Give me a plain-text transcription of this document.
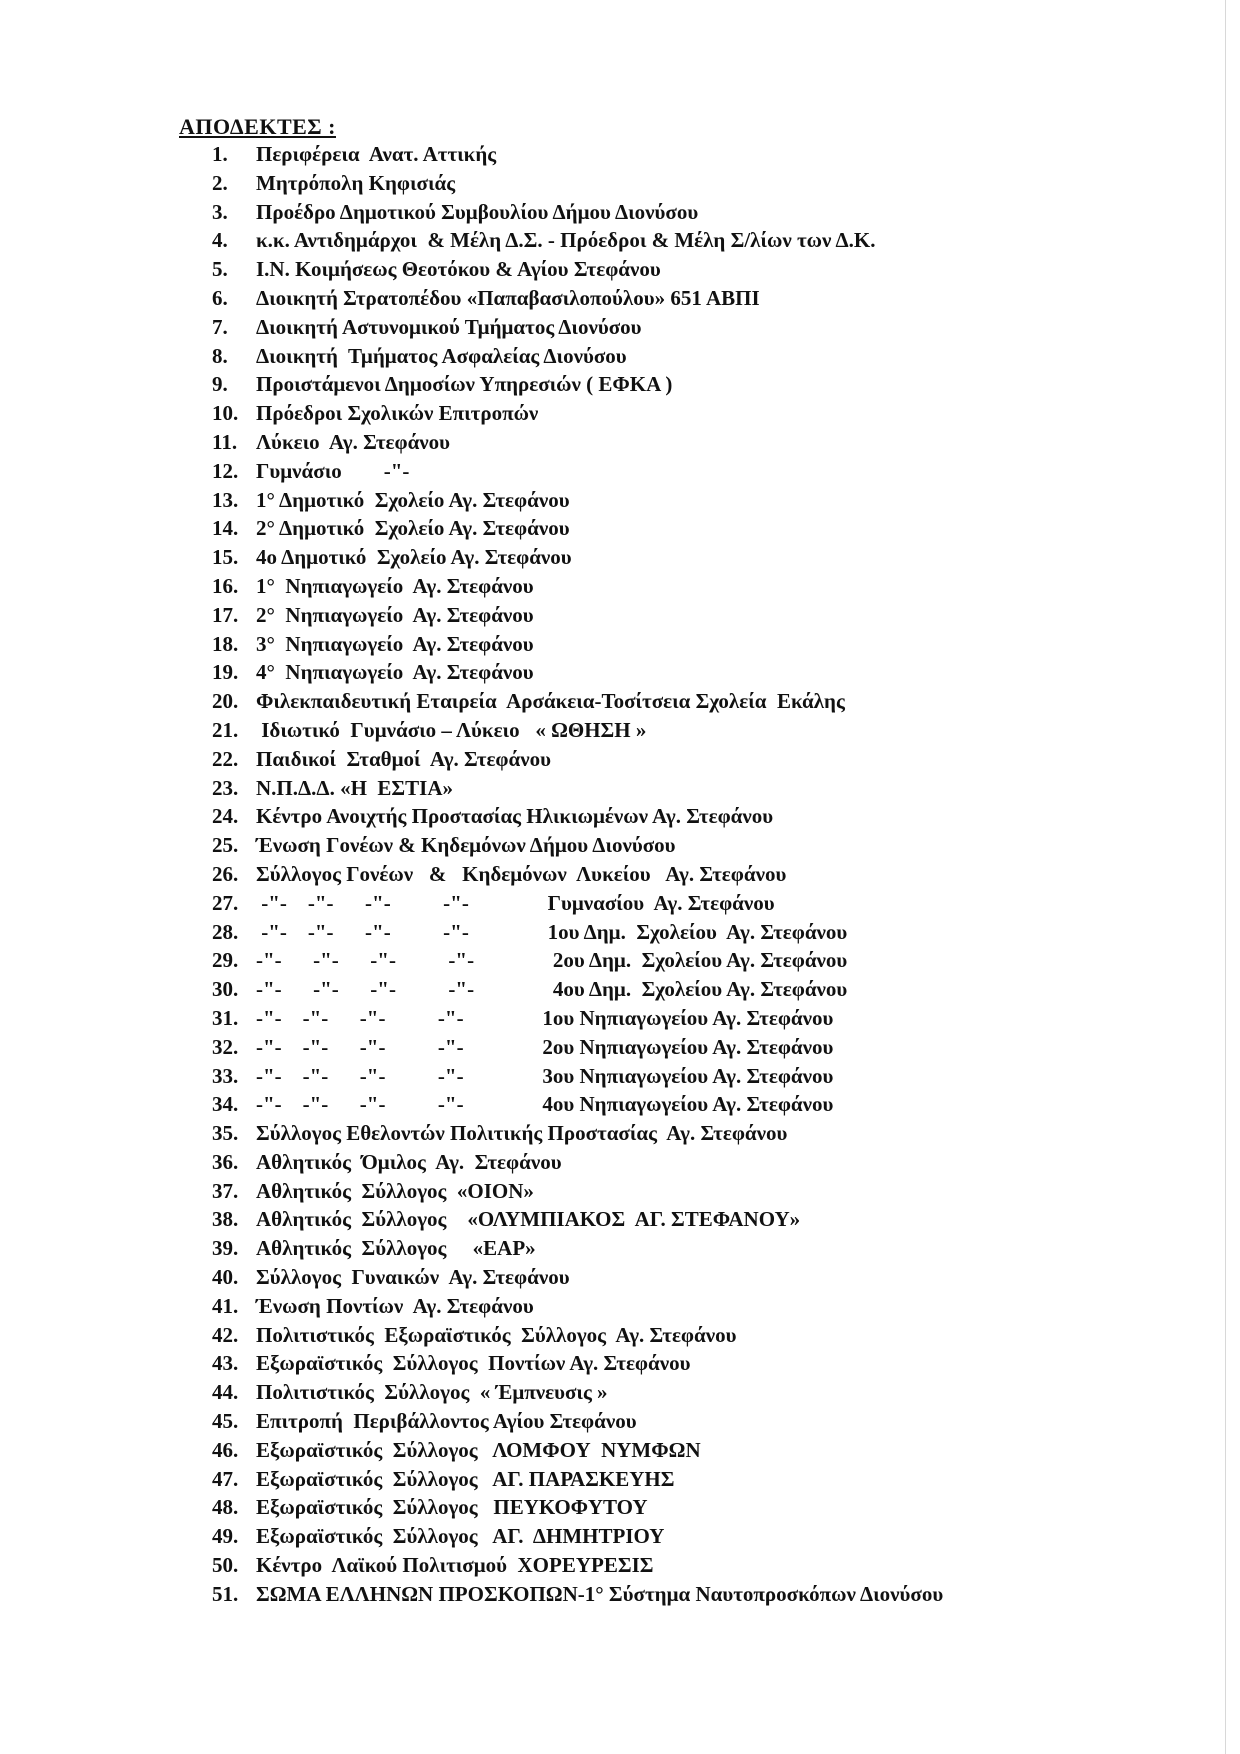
ΑΠΟΔΕΚΤΕΣ :
1. Περιφέρεια  Ανατ. Αττικής
2. Μητρόπολη Κηφισιάς
3. Προέδρο Δημοτικού Συμβουλίου Δήμου Διονύσου
4. κ.κ. Αντιδημάρχοι  & Μέλη Δ.Σ. - Πρόεδροι & Μέλη Σ/λίων των Δ.Κ.
5. Ι.Ν. Κοιμήσεως Θεοτόκου & Αγίου Στεφάνου
6. Διοικητή Στρατοπέδου «Παπαβασιλοπούλου» 651 ΑΒΠΙ
7. Διοικητή Αστυνομικού Τμήματος Διονύσου
8. Διοικητή  Τμήματος Ασφαλείας Διονύσου
9. Προιστάμενοι Δημοσίων Υπηρεσιών ( ΕΦΚΑ )
10. Πρόεδροι Σχολικών Επιτροπών
11. Λύκειο  Αγ. Στεφάνου
12. Γυμνάσιο        -"-
13. 1° Δημοτικό  Σχολείο Αγ. Στεφάνου
14. 2° Δημοτικό  Σχολείο Αγ. Στεφάνου
15. 4ο Δημοτικό  Σχολείο Αγ. Στεφάνου
16. 1°  Νηπιαγωγείο  Αγ. Στεφάνου
17. 2°  Νηπιαγωγείο  Αγ. Στεφάνου
18. 3°  Νηπιαγωγείο  Αγ. Στεφάνου
19. 4°  Νηπιαγωγείο  Αγ. Στεφάνου
20. Φιλεκπαιδευτική Εταιρεία  Αρσάκεια-Τοσίτσεια Σχολεία  Εκάλης
21. Ιδιωτικό  Γυμνάσιο – Λύκειο   « ΩΘΗΣΗ »
22. Παιδικοί  Σταθμοί  Αγ. Στεφάνου
23. Ν.Π.Δ.Δ. «Η  ΕΣΤΙΑ»
24. Κέντρο Ανοιχτής Προστασίας Ηλικιωμένων Αγ. Στεφάνου
25. Ένωση Γονέων & Κηδεμόνων Δήμου Διονύσου
26. Σύλλογος Γονέων   &   Κηδεμόνων  Λυκείου   Αγ. Στεφάνου
27. -"-    -"-      -"-          -"-               Γυμνασίου  Αγ. Στεφάνου
28. -"-    -"-      -"-          -"-               1ου Δημ.  Σχολείου  Αγ. Στεφάνου
29. -"-      -"-      -"-          -"-               2ου Δημ.  Σχολείου Αγ. Στεφάνου
30. -"-      -"-      -"-          -"-               4ου Δημ.  Σχολείου Αγ. Στεφάνου
31. -"-    -"-      -"-          -"-               1ου Νηπιαγωγείου Αγ. Στεφάνου
32. -"-    -"-      -"-          -"-               2ου Νηπιαγωγείου Αγ. Στεφάνου
33. -"-    -"-      -"-          -"-               3ου Νηπιαγωγείου Αγ. Στεφάνου
34. -"-    -"-      -"-          -"-               4ου Νηπιαγωγείου Αγ. Στεφάνου
35. Σύλλογος Εθελοντών Πολιτικής Προστασίας  Αγ. Στεφάνου
36. Αθλητικός  Όμιλος  Αγ.  Στεφάνου
37. Αθλητικός  Σύλλογος  «ΟΙΟΝ»
38. Αθλητικός  Σύλλογος    «ΟΛΥΜΠΙΑΚΟΣ  ΑΓ. ΣΤΕΦΑΝΟΥ»
39. Αθλητικός  Σύλλογος     «ΕΑΡ»
40. Σύλλογος  Γυναικών  Αγ. Στεφάνου
41. Ένωση Ποντίων  Αγ. Στεφάνου
42. Πολιτιστικός  Εξωραϊστικός  Σύλλογος  Αγ. Στεφάνου
43. Εξωραϊστικός  Σύλλογος  Ποντίων Αγ. Στεφάνου
44. Πολιτιστικός  Σύλλογος  « Έμπνευσις »
45. Επιτροπή  Περιβάλλοντος Αγίου Στεφάνου
46. Εξωραϊστικός  Σύλλογος   ΛΟΜΦΟΥ  ΝΥΜΦΩΝ
47. Εξωραϊστικός  Σύλλογος   ΑΓ. ΠΑΡΑΣΚΕΥΗΣ
48. Εξωραϊστικός  Σύλλογος   ΠΕΥΚΟΦΥΤΟΥ
49. Εξωραϊστικός  Σύλλογος   ΑΓ.  ΔΗΜΗΤΡΙΟΥ
50. Κέντρο  Λαϊκού Πολιτισμού  ΧΟΡΕΥΡΕΣΙΣ
51. ΣΩΜΑ ΕΛΛΗΝΩΝ ΠΡΟΣΚΟΠΩΝ-1° Σύστημα Ναυτοπροσκόπων Διονύσου
